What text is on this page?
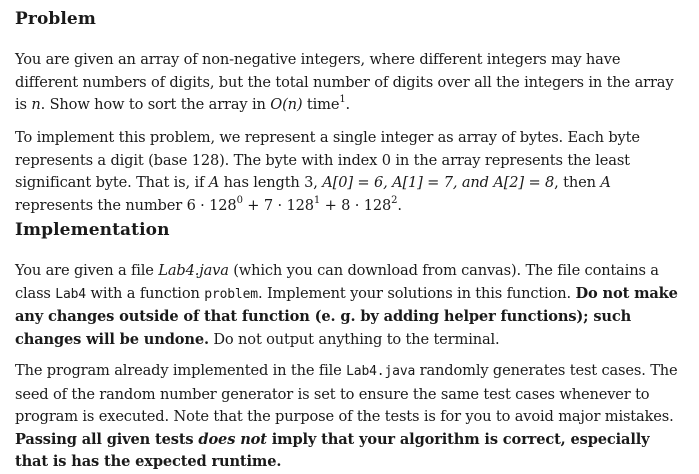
Problem

You are given an array of non-negative integers, where different integers may have different numbers of digits, but the total number of digits over all the integers in the array is n. Show how to sort the array in O(n) time$^1$.

To implement this problem, we represent a single integer as array of bytes. Each byte represents a digit (base 128). The byte with index 0 in the array represents the least significant byte. That is, if A has length 3, A[0] = 6, A[1] = 7, and A[2] = 8, then A represents the number $6 \cdot 128^0 + 7 \cdot 128^1 + 8 \cdot 128^2$.

Implementation

You are given a file Lab4.java (which you can download from canvas). The file contains a class Lab4 with a function problem. Implement your solutions in this function. Do not make any changes outside of that function (e. g. by adding helper functions); such changes will be undone. Do not output anything to the terminal.

The program already implemented in the file Lab4.java randomly generates test cases. The seed of the random number generator is set to ensure the same test cases whenever to program is executed. Note that the purpose of the tests is for you to avoid major mistakes. Passing all given tests does not imply that your algorithm is correct, especially that is has the expected runtime.
